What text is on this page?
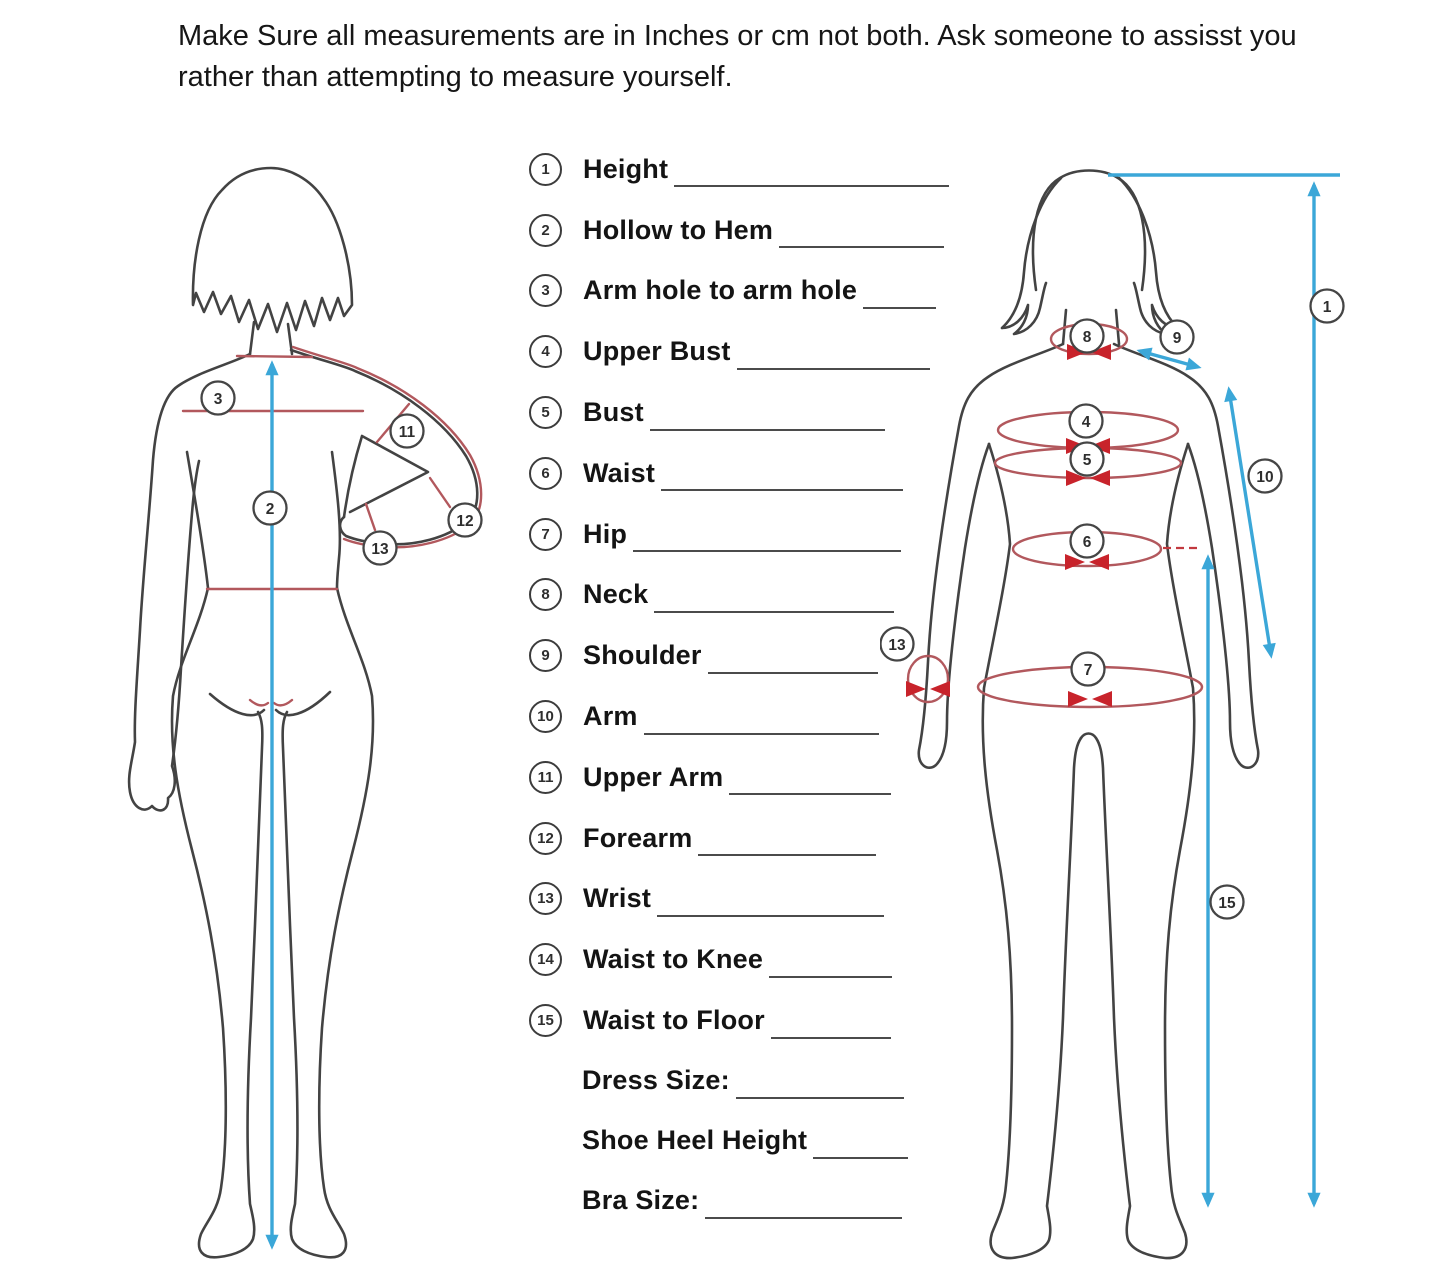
Make Sure all measurements are in Inches or cm not both. Ask someone to assisst you rather than attempting to measure yourself.
3
2
11
12
13
1	Height
2	Hollow to Hem
3	Arm hole to arm hole
4	Upper Bust
5	Bust
6	Waist
7	Hip
8	Neck
9	Shoulder
10	Arm
11	Upper Arm
12	Forearm
13	Wrist
14	Waist to Knee
15	Waist to Floor
Dress Size:
Shoe Heel Height
Bra Size:
8	9
1
4
5
10
6
13
7
15
